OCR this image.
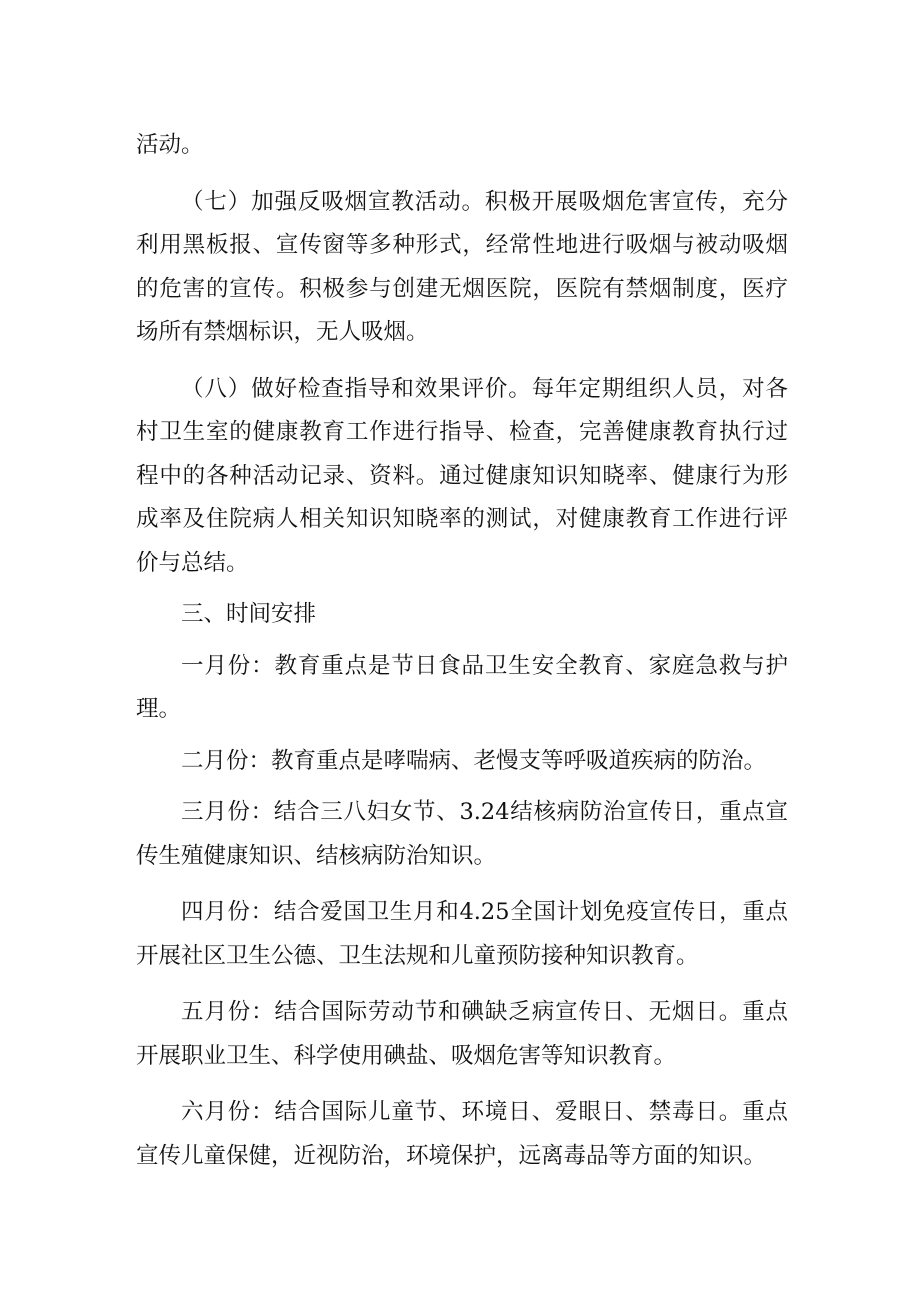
活动。

（七）加强反吸烟宣教活动。积极开展吸烟危害宣传，充分利用黑板报、宣传窗等多种形式，经常性地进行吸烟与被动吸烟的危害的宣传。积极参与创建无烟医院，医院有禁烟制度，医疗场所有禁烟标识，无人吸烟。

（八）做好检查指导和效果评价。每年定期组织人员，对各村卫生室的健康教育工作进行指导、检查，完善健康教育执行过程中的各种活动记录、资料。通过健康知识知晓率、健康行为形成率及住院病人相关知识知晓率的测试，对健康教育工作进行评价与总结。

三、时间安排

一月份：教育重点是节日食品卫生安全教育、家庭急救与护理。

二月份：教育重点是哮喘病、老慢支等呼吸道疾病的防治。

三月份：结合三八妇女节、3.24结核病防治宣传日，重点宣传生殖健康知识、结核病防治知识。

四月份：结合爱国卫生月和4.25全国计划免疫宣传日，重点开展社区卫生公德、卫生法规和儿童预防接种知识教育。

五月份：结合国际劳动节和碘缺乏病宣传日、无烟日。重点开展职业卫生、科学使用碘盐、吸烟危害等知识教育。

六月份：结合国际儿童节、环境日、爱眼日、禁毒日。重点宣传儿童保健，近视防治，环境保护，远离毒品等方面的知识。
